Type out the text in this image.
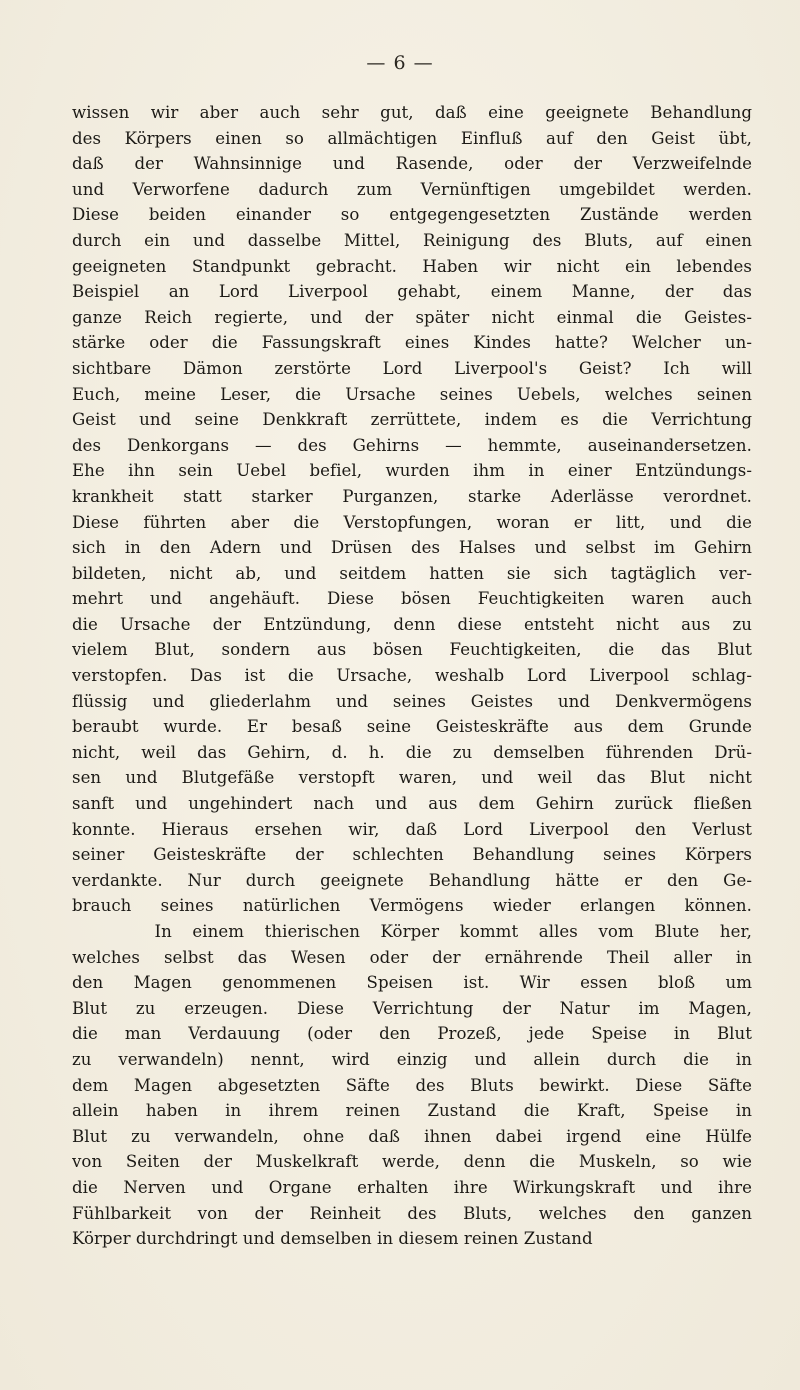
— 6 —
wissen wir aber auch sehr gut, daß eine geeignete Behandlung
des Körpers einen so allmächtigen Einfluß auf den Geist übt,
daß der Wahnsinnige und Rasende, oder der Verzweifelnde
und Verworfene dadurch zum Vernünftigen umgebildet werden.
Diese beiden einander so entgegengesetzten Zustände werden
durch ein und dasselbe Mittel, Reinigung des Bluts, auf einen
geeigneten Standpunkt gebracht. Haben wir nicht ein lebendes
Beispiel an Lord Liverpool gehabt, einem Manne, der das
ganze Reich regierte, und der später nicht einmal die Geistes-
stärke oder die Fassungskraft eines Kindes hatte? Welcher un-
sichtbare Dämon zerstörte Lord Liverpool's Geist? Ich will
Euch, meine Leser, die Ursache seines Uebels, welches seinen
Geist und seine Denkkraft zerrüttete, indem es die Verrichtung
des Denkorgans — des Gehirns — hemmte, auseinandersetzen.
Ehe ihn sein Uebel befiel, wurden ihm in einer Entzündungs-
krankheit statt starker Purganzen, starke Aderlässe verordnet.
Diese führten aber die Verstopfungen, woran er litt, und die
sich in den Adern und Drüsen des Halses und selbst im Gehirn
bildeten, nicht ab, und seitdem hatten sie sich tagtäglich ver-
mehrt und angehäuft. Diese bösen Feuchtigkeiten waren auch
die Ursache der Entzündung, denn diese entsteht nicht aus zu
vielem Blut, sondern aus bösen Feuchtigkeiten, die das Blut
verstopfen. Das ist die Ursache, weshalb Lord Liverpool schlag-
flüssig und gliederlahm und seines Geistes und Denkvermögens
beraubt wurde. Er besaß seine Geisteskräfte aus dem Grunde
nicht, weil das Gehirn, d. h. die zu demselben führenden Drü-
sen und Blutgefäße verstopft waren, und weil das Blut nicht
sanft und ungehindert nach und aus dem Gehirn zurück fließen
konnte. Hieraus ersehen wir, daß Lord Liverpool den Verlust
seiner Geisteskräfte der schlechten Behandlung seines Körpers
verdankte. Nur durch geeignete Behandlung hätte er den Ge-
brauch seines natürlichen Vermögens wieder erlangen können.
In einem thierischen Körper kommt alles vom Blute her,
welches selbst das Wesen oder der ernährende Theil aller in
den Magen genommenen Speisen ist. Wir essen bloß um
Blut zu erzeugen. Diese Verrichtung der Natur im Magen,
die man Verdauung (oder den Prozeß, jede Speise in Blut
zu verwandeln) nennt, wird einzig und allein durch die in
dem Magen abgesetzten Säfte des Bluts bewirkt. Diese Säfte
allein haben in ihrem reinen Zustand die Kraft, Speise in
Blut zu verwandeln, ohne daß ihnen dabei irgend eine Hülfe
von Seiten der Muskelkraft werde, denn die Muskeln, so wie
die Nerven und Organe erhalten ihre Wirkungskraft und ihre
Fühlbarkeit von der Reinheit des Bluts, welches den ganzen
Körper durchdringt und demselben in diesem reinen Zustand
